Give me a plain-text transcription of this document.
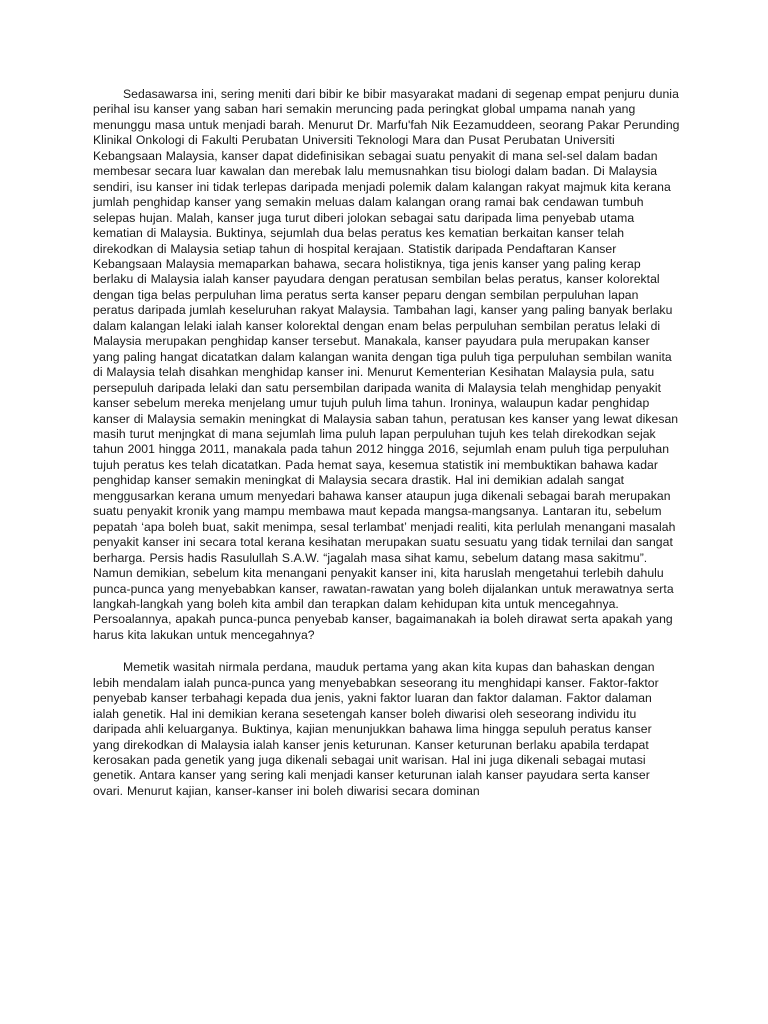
Sedasawarsa ini, sering meniti dari bibir ke bibir masyarakat madani di segenap empat penjuru dunia perihal isu kanser yang saban hari semakin meruncing pada peringkat global umpama nanah yang menunggu masa untuk menjadi barah. Menurut Dr. Marfu'fah Nik Eezamuddeen, seorang Pakar Perunding Klinikal Onkologi di Fakulti Perubatan Universiti Teknologi Mara dan Pusat Perubatan Universiti Kebangsaan Malaysia, kanser dapat didefinisikan sebagai suatu penyakit di mana sel-sel dalam badan membesar secara luar kawalan dan merebak lalu memusnahkan tisu biologi dalam badan. Di Malaysia sendiri, isu kanser ini tidak terlepas daripada menjadi polemik dalam kalangan rakyat majmuk kita kerana jumlah penghidap kanser yang semakin meluas dalam kalangan orang ramai bak cendawan tumbuh selepas hujan. Malah, kanser juga turut diberi jolokan sebagai satu daripada lima penyebab utama kematian di Malaysia. Buktinya, sejumlah dua belas peratus kes kematian berkaitan kanser telah direkodkan di Malaysia setiap tahun di hospital kerajaan. Statistik daripada Pendaftaran Kanser Kebangsaan Malaysia memaparkan bahawa, secara holistiknya, tiga jenis kanser yang paling kerap berlaku di Malaysia ialah kanser payudara dengan peratusan sembilan belas peratus, kanser kolorektal dengan tiga belas perpuluhan lima peratus serta kanser peparu dengan sembilan perpuluhan lapan peratus daripada jumlah keseluruhan rakyat Malaysia. Tambahan lagi, kanser yang paling banyak berlaku dalam kalangan lelaki ialah kanser kolorektal dengan enam belas perpuluhan sembilan peratus lelaki di Malaysia merupakan penghidap kanser tersebut. Manakala, kanser payudara pula merupakan kanser yang paling hangat dicatatkan dalam kalangan wanita dengan tiga puluh tiga perpuluhan sembilan wanita di Malaysia telah disahkan menghidap kanser ini. Menurut Kementerian Kesihatan Malaysia pula, satu persepuluh daripada lelaki dan satu persembilan daripada wanita di Malaysia telah menghidap penyakit kanser sebelum mereka menjelang umur tujuh puluh lima tahun. Ironinya, walaupun kadar penghidap kanser di Malaysia semakin meningkat di Malaysia saban tahun, peratusan kes kanser yang lewat dikesan masih turut menjngkat di mana sejumlah lima puluh lapan perpuluhan tujuh kes telah direkodkan sejak tahun 2001 hingga 2011, manakala pada tahun 2012 hingga 2016, sejumlah enam puluh tiga perpuluhan tujuh peratus kes telah dicatatkan. Pada hemat saya, kesemua statistik ini membuktikan bahawa kadar penghidap kanser semakin meningkat di Malaysia secara drastik. Hal ini demikian adalah sangat menggusarkan kerana umum menyedari bahawa kanser ataupun juga dikenali sebagai barah merupakan suatu penyakit kronik yang mampu membawa maut kepada mangsa-mangsanya. Lantaran itu, sebelum pepatah ‘apa boleh buat, sakit menimpa, sesal terlambat’ menjadi realiti, kita perlulah menangani masalah penyakit kanser ini secara total kerana kesihatan merupakan suatu sesuatu yang tidak ternilai dan sangat berharga. Persis hadis Rasulullah S.A.W. “jagalah masa sihat kamu, sebelum datang masa sakitmu”. Namun demikian, sebelum kita menangani penyakit kanser ini, kita haruslah mengetahui terlebih dahulu punca-punca yang menyebabkan kanser, rawatan-rawatan yang boleh dijalankan untuk merawatnya serta langkah-langkah yang boleh kita ambil dan terapkan dalam kehidupan kita untuk mencegahnya. Persoalannya, apakah punca-punca penyebab kanser, bagaimanakah ia boleh dirawat serta apakah yang harus kita lakukan untuk mencegahnya?

Memetik wasitah nirmala perdana, mauduk pertama yang akan kita kupas dan bahaskan dengan lebih mendalam ialah punca-punca yang menyebabkan seseorang itu menghidapi kanser. Faktor-faktor penyebab kanser terbahagi kepada dua jenis, yakni faktor luaran dan faktor dalaman. Faktor dalaman ialah genetik. Hal ini demikian kerana sesetengah kanser boleh diwarisi oleh seseorang individu itu daripada ahli keluarganya. Buktinya, kajian menunjukkan bahawa lima hingga sepuluh peratus kanser yang direkodkan di Malaysia ialah kanser jenis keturunan. Kanser keturunan berlaku apabila terdapat kerosakan pada genetik yang juga dikenali sebagai unit warisan. Hal ini juga dikenali sebagai mutasi genetik. Antara kanser yang sering kali menjadi kanser keturunan ialah kanser payudara serta kanser ovari. Menurut kajian, kanser-kanser ini boleh diwarisi secara dominan
